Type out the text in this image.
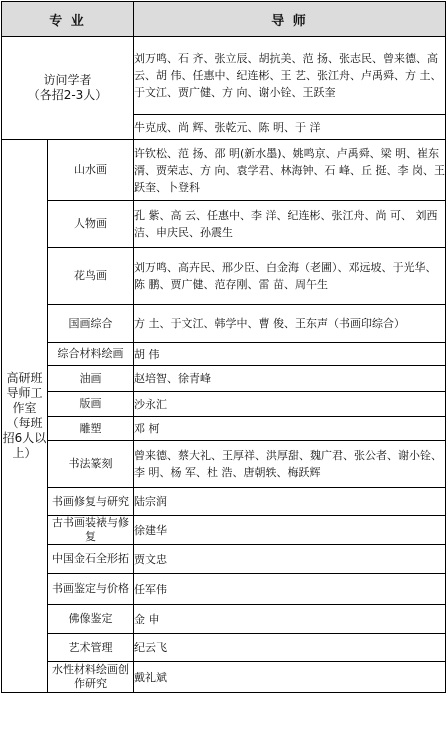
专 业		导 师
访问学者
（各招2-3人）		刘万鸣、石 齐、张立辰、胡抗美、范 扬、张志民、曾来德、高 云、胡 伟、任惠中、纪连彬、王 艺、张江舟、卢禹舜、方 土、于文江、贾广健、方 向、谢小铨、王跃奎
		牛克成、尚 辉、张乾元、陈 明、于 洋
高研班导师工作室（每班招6人以上）	山水画	许钦松、范 扬、邵 明(新水墨)、姚鸣京、卢禹舜、梁 明、崔东湑、贾荣志、方 向、袁学君、林海钟、石 峰、丘 挺、李 岗、王跃奎、卜登科
	人物画	孔 紫、高 云、任惠中、李 洋、纪连彬、张江舟、尚 可、 刘西洁、申庆民、孙震生
	花鸟画	刘万鸣、高卉民、邢少臣、白金海（老圃）、邓远坡、于光华、陈 鹏、贾广健、范存刚、雷 苗、周午生
	国画综合	方 土、于文江、韩学中、曹 俊、王东声（书画印综合）
	综合材料绘画	胡 伟
	油画	赵培智、徐青峰
	版画	沙永汇
	雕塑	邓 柯
	书法篆刻	曾来德、蔡大礼、王厚祥、洪厚甜、魏广君、张公者、谢小铨、李 明、杨 军、杜 浩、唐朝轶、梅跃辉
	书画修复与研究	陆宗润
	古书画装裱与修复	徐建华
	中国金石全形拓	贾文忠
	书画鉴定与价格	任军伟
	佛像鉴定	金 申
	艺术管理	纪云飞
	水性材料绘画创作研究	戴礼斌
